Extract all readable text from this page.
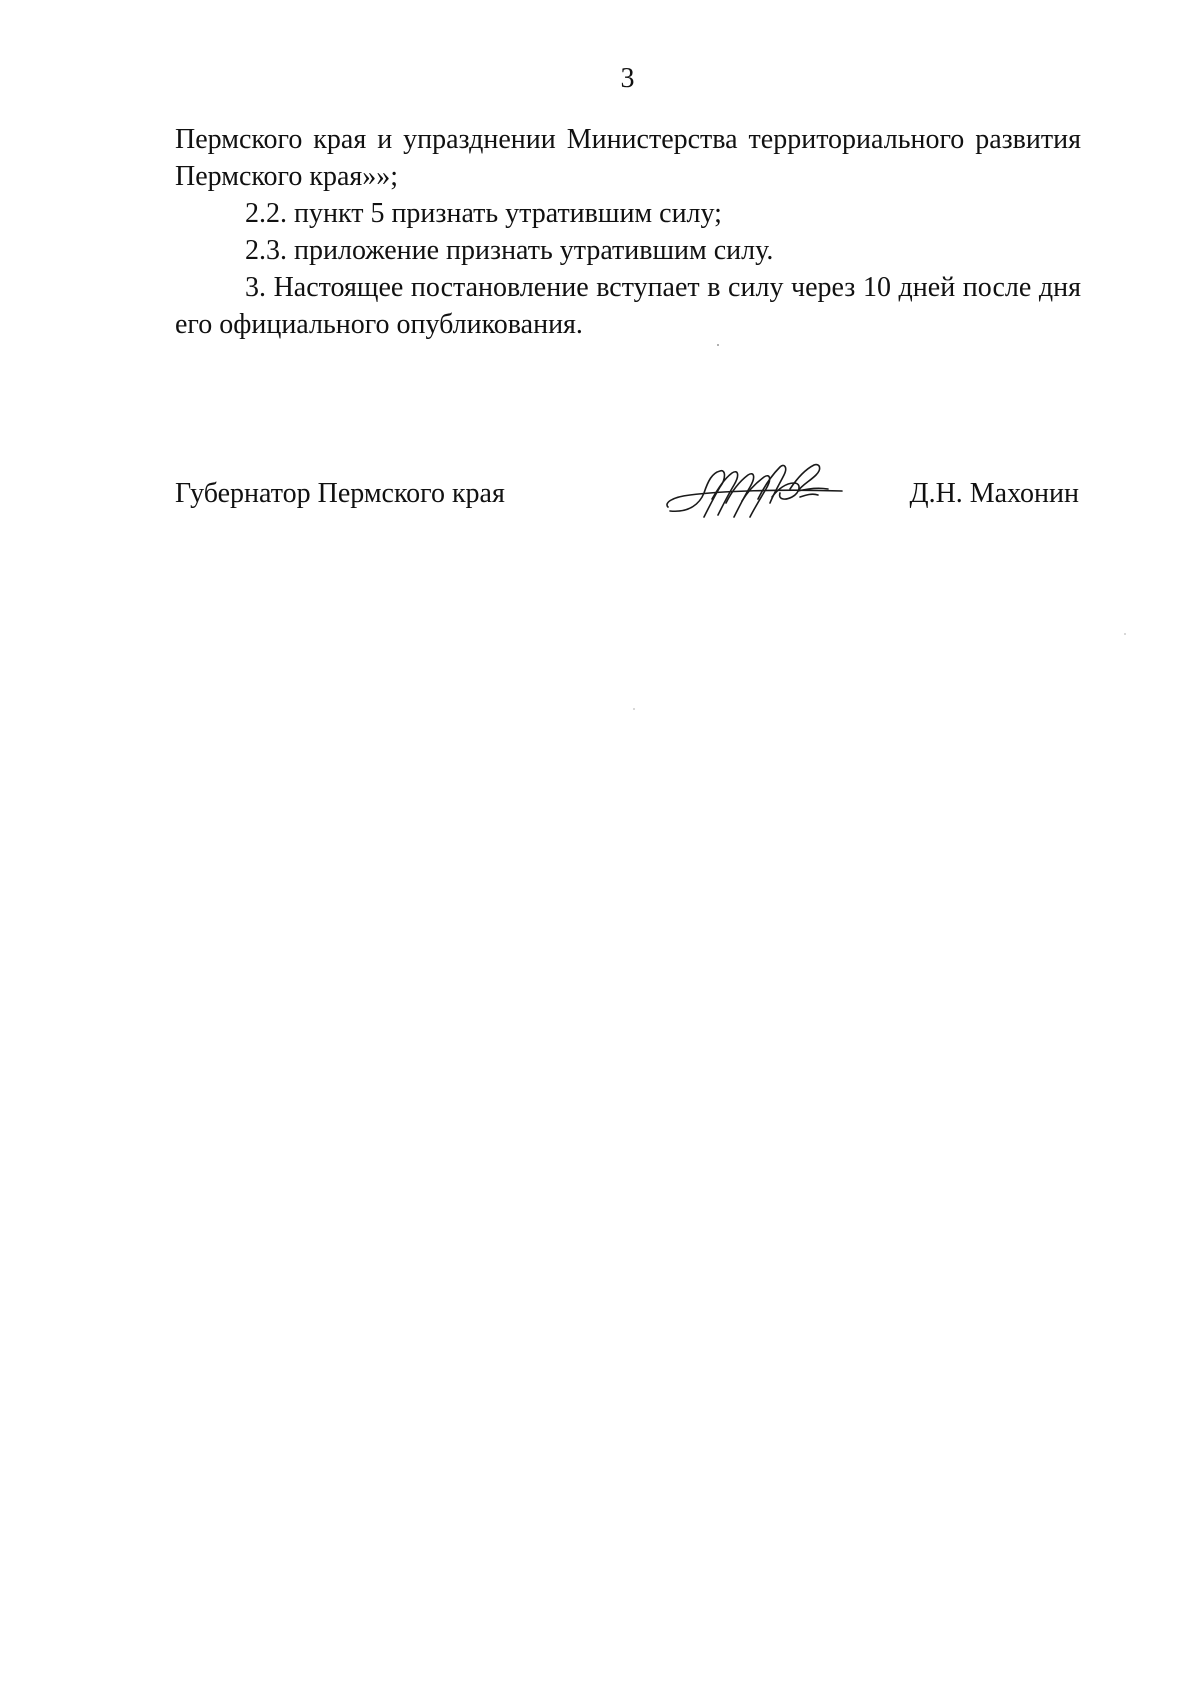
3

Пермского края и упразднении Министерства территориального развития
Пермского края»»;

2.2. пункт 5 признать утратившим силу;

2.3. приложение признать утратившим силу.

3. Настоящее постановление вступает в силу через 10 дней после дня
его официального опубликования.

Губернатор Пермского края	Д.Н. Махонин
